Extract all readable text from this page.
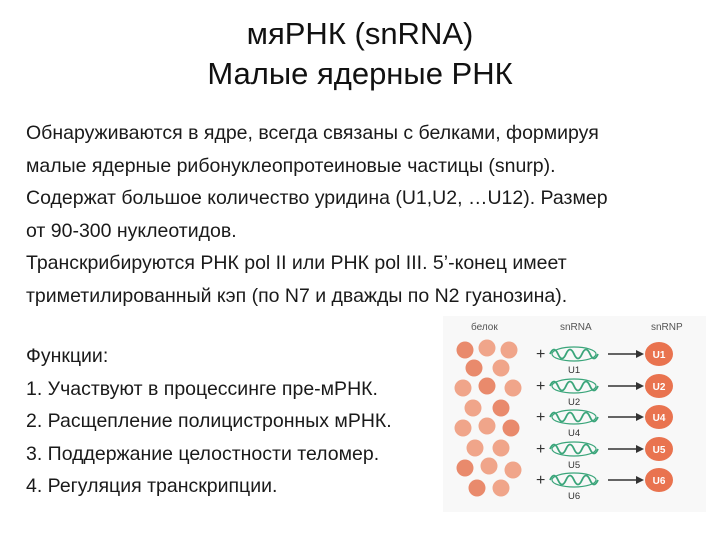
мяРНК (snRNA)
Малые ядерные РНК
Обнаруживаются в ядре, всегда связаны с белками, формируя
малые ядерные рибонуклеопротеиновые частицы (snurp).
Содержат большое количество уридина (U1,U2, …U12). Размер
от 90-300 нуклеотидов.
Транскрибируются РНК pol II или РНК pol III. 5’-конец имеет
триметилированный кэп (по N7 и дважды по N2 гуанозина).
Функции:
1. Участвуют в процессинге пре-мРНК.
2. Расщепление полицистронных мРНК.
3. Поддержание целостности теломер.
4. Регуляция транскрипции.
белок	snRNA	snRNP
+
U1
U1
+
U2
U2
+
U4
U4
+
U5
U5
+
U6
U6
